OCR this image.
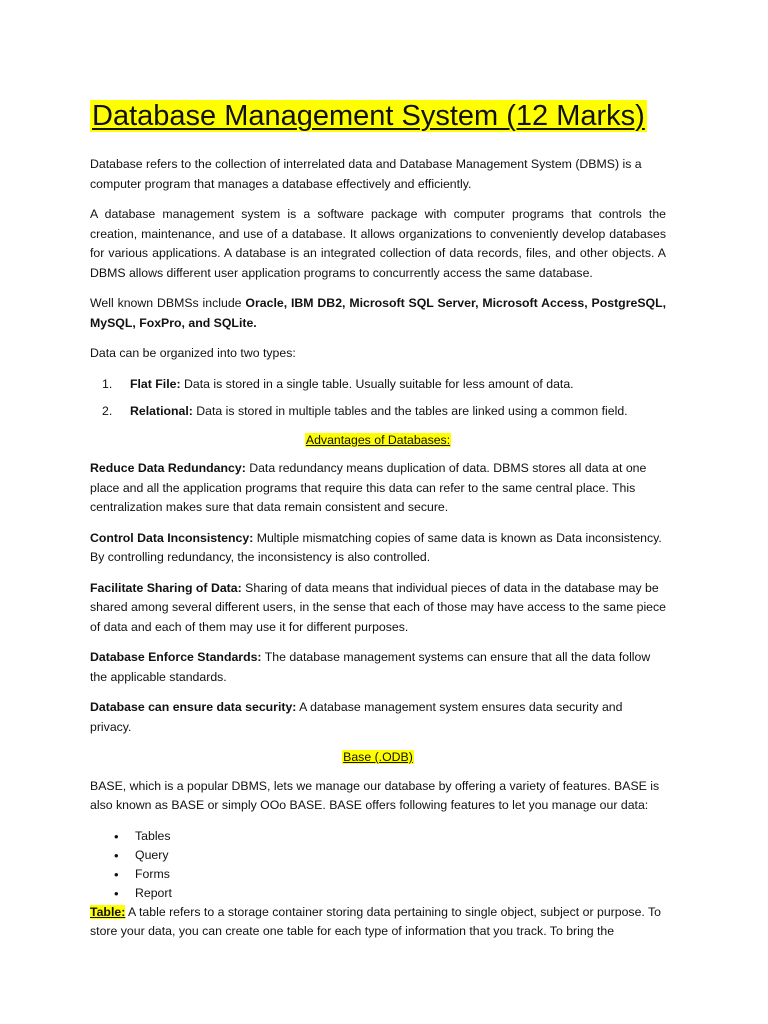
Database Management System (12 Marks)

Database refers to the collection of interrelated data and Database Management System (DBMS) is a computer program that manages a database effectively and efficiently.

A database management system is a software package with computer programs that controls the creation, maintenance, and use of a database. It allows organizations to conveniently develop databases for various applications. A database is an integrated collection of data records, files, and other objects. A DBMS allows different user application programs to concurrently access the same database.

Well known DBMSs include Oracle, IBM DB2, Microsoft SQL Server, Microsoft Access, PostgreSQL, MySQL, FoxPro, and SQLite.

Data can be organized into two types:

1. Flat File: Data is stored in a single table. Usually suitable for less amount of data.
2. Relational: Data is stored in multiple tables and the tables are linked using a common field.
Advantages of Databases:

Reduce Data Redundancy: Data redundancy means duplication of data. DBMS stores all data at one place and all the application programs that require this data can refer to the same central place. This centralization makes sure that data remain consistent and secure.

Control Data Inconsistency: Multiple mismatching copies of same data is known as Data inconsistency. By controlling redundancy, the inconsistency is also controlled.

Facilitate Sharing of Data: Sharing of data means that individual pieces of data in the database may be shared among several different users, in the sense that each of those may have access to the same piece of data and each of them may use it for different purposes.

Database Enforce Standards: The database management systems can ensure that all the data follow the applicable standards.

Database can ensure data security: A database management system ensures data security and privacy.

Base (.ODB)

BASE, which is a popular DBMS, lets we manage our database by offering a variety of features. BASE is also known as BASE or simply OOo BASE. BASE offers following features to let you manage our data:

• Tables
• Query
• Forms
• Report

Table: A table refers to a storage container storing data pertaining to single object, subject or purpose. To store your data, you can create one table for each type of information that you track. To bring the
